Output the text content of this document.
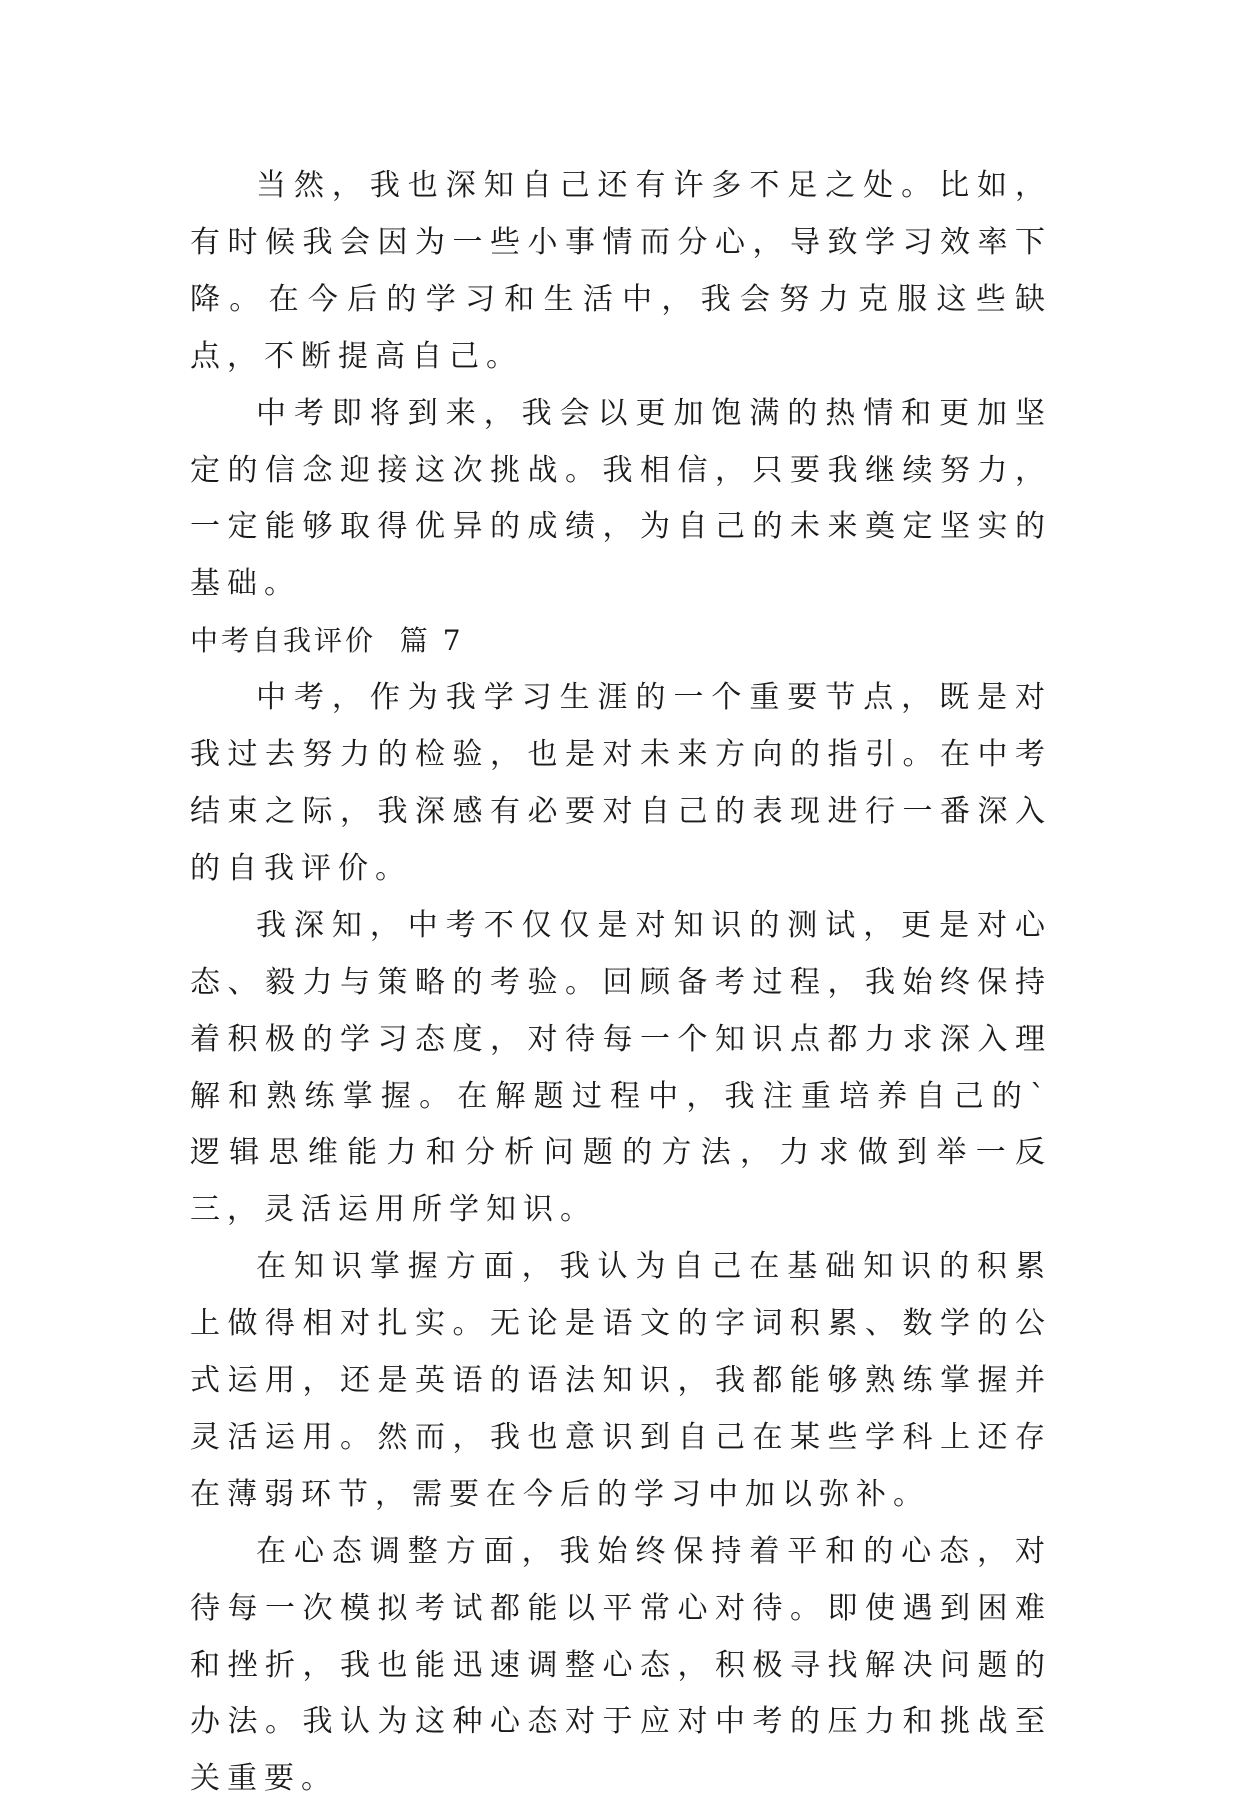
当然，我也深知自己还有许多不足之处。比如，有时候我会因为一些小事情而分心，导致学习效率下降。在今后的学习和生活中，我会努力克服这些缺点，不断提高自己。

中考即将到来，我会以更加饱满的热情和更加坚定的信念迎接这次挑战。我相信，只要我继续努力，一定能够取得优异的成绩，为自己的未来奠定坚实的基础。

中考自我评价  篇 7

中考，作为我学习生涯的一个重要节点，既是对我过去努力的检验，也是对未来方向的指引。在中考结束之际，我深感有必要对自己的表现进行一番深入的自我评价。

我深知，中考不仅仅是对知识的测试，更是对心态、毅力与策略的考验。回顾备考过程，我始终保持着积极的学习态度，对待每一个知识点都力求深入理解和熟练掌握。在解题过程中，我注重培养自己的`逻辑思维能力和分析问题的方法，力求做到举一反三，灵活运用所学知识。

在知识掌握方面，我认为自己在基础知识的积累上做得相对扎实。无论是语文的字词积累、数学的公式运用，还是英语的语法知识，我都能够熟练掌握并灵活运用。然而，我也意识到自己在某些学科上还存在薄弱环节，需要在今后的学习中加以弥补。

在心态调整方面，我始终保持着平和的心态，对待每一次模拟考试都能以平常心对待。即使遇到困难和挫折，我也能迅速调整心态，积极寻找解决问题的办法。我认为这种心态对于应对中考的压力和挑战至关重要。
